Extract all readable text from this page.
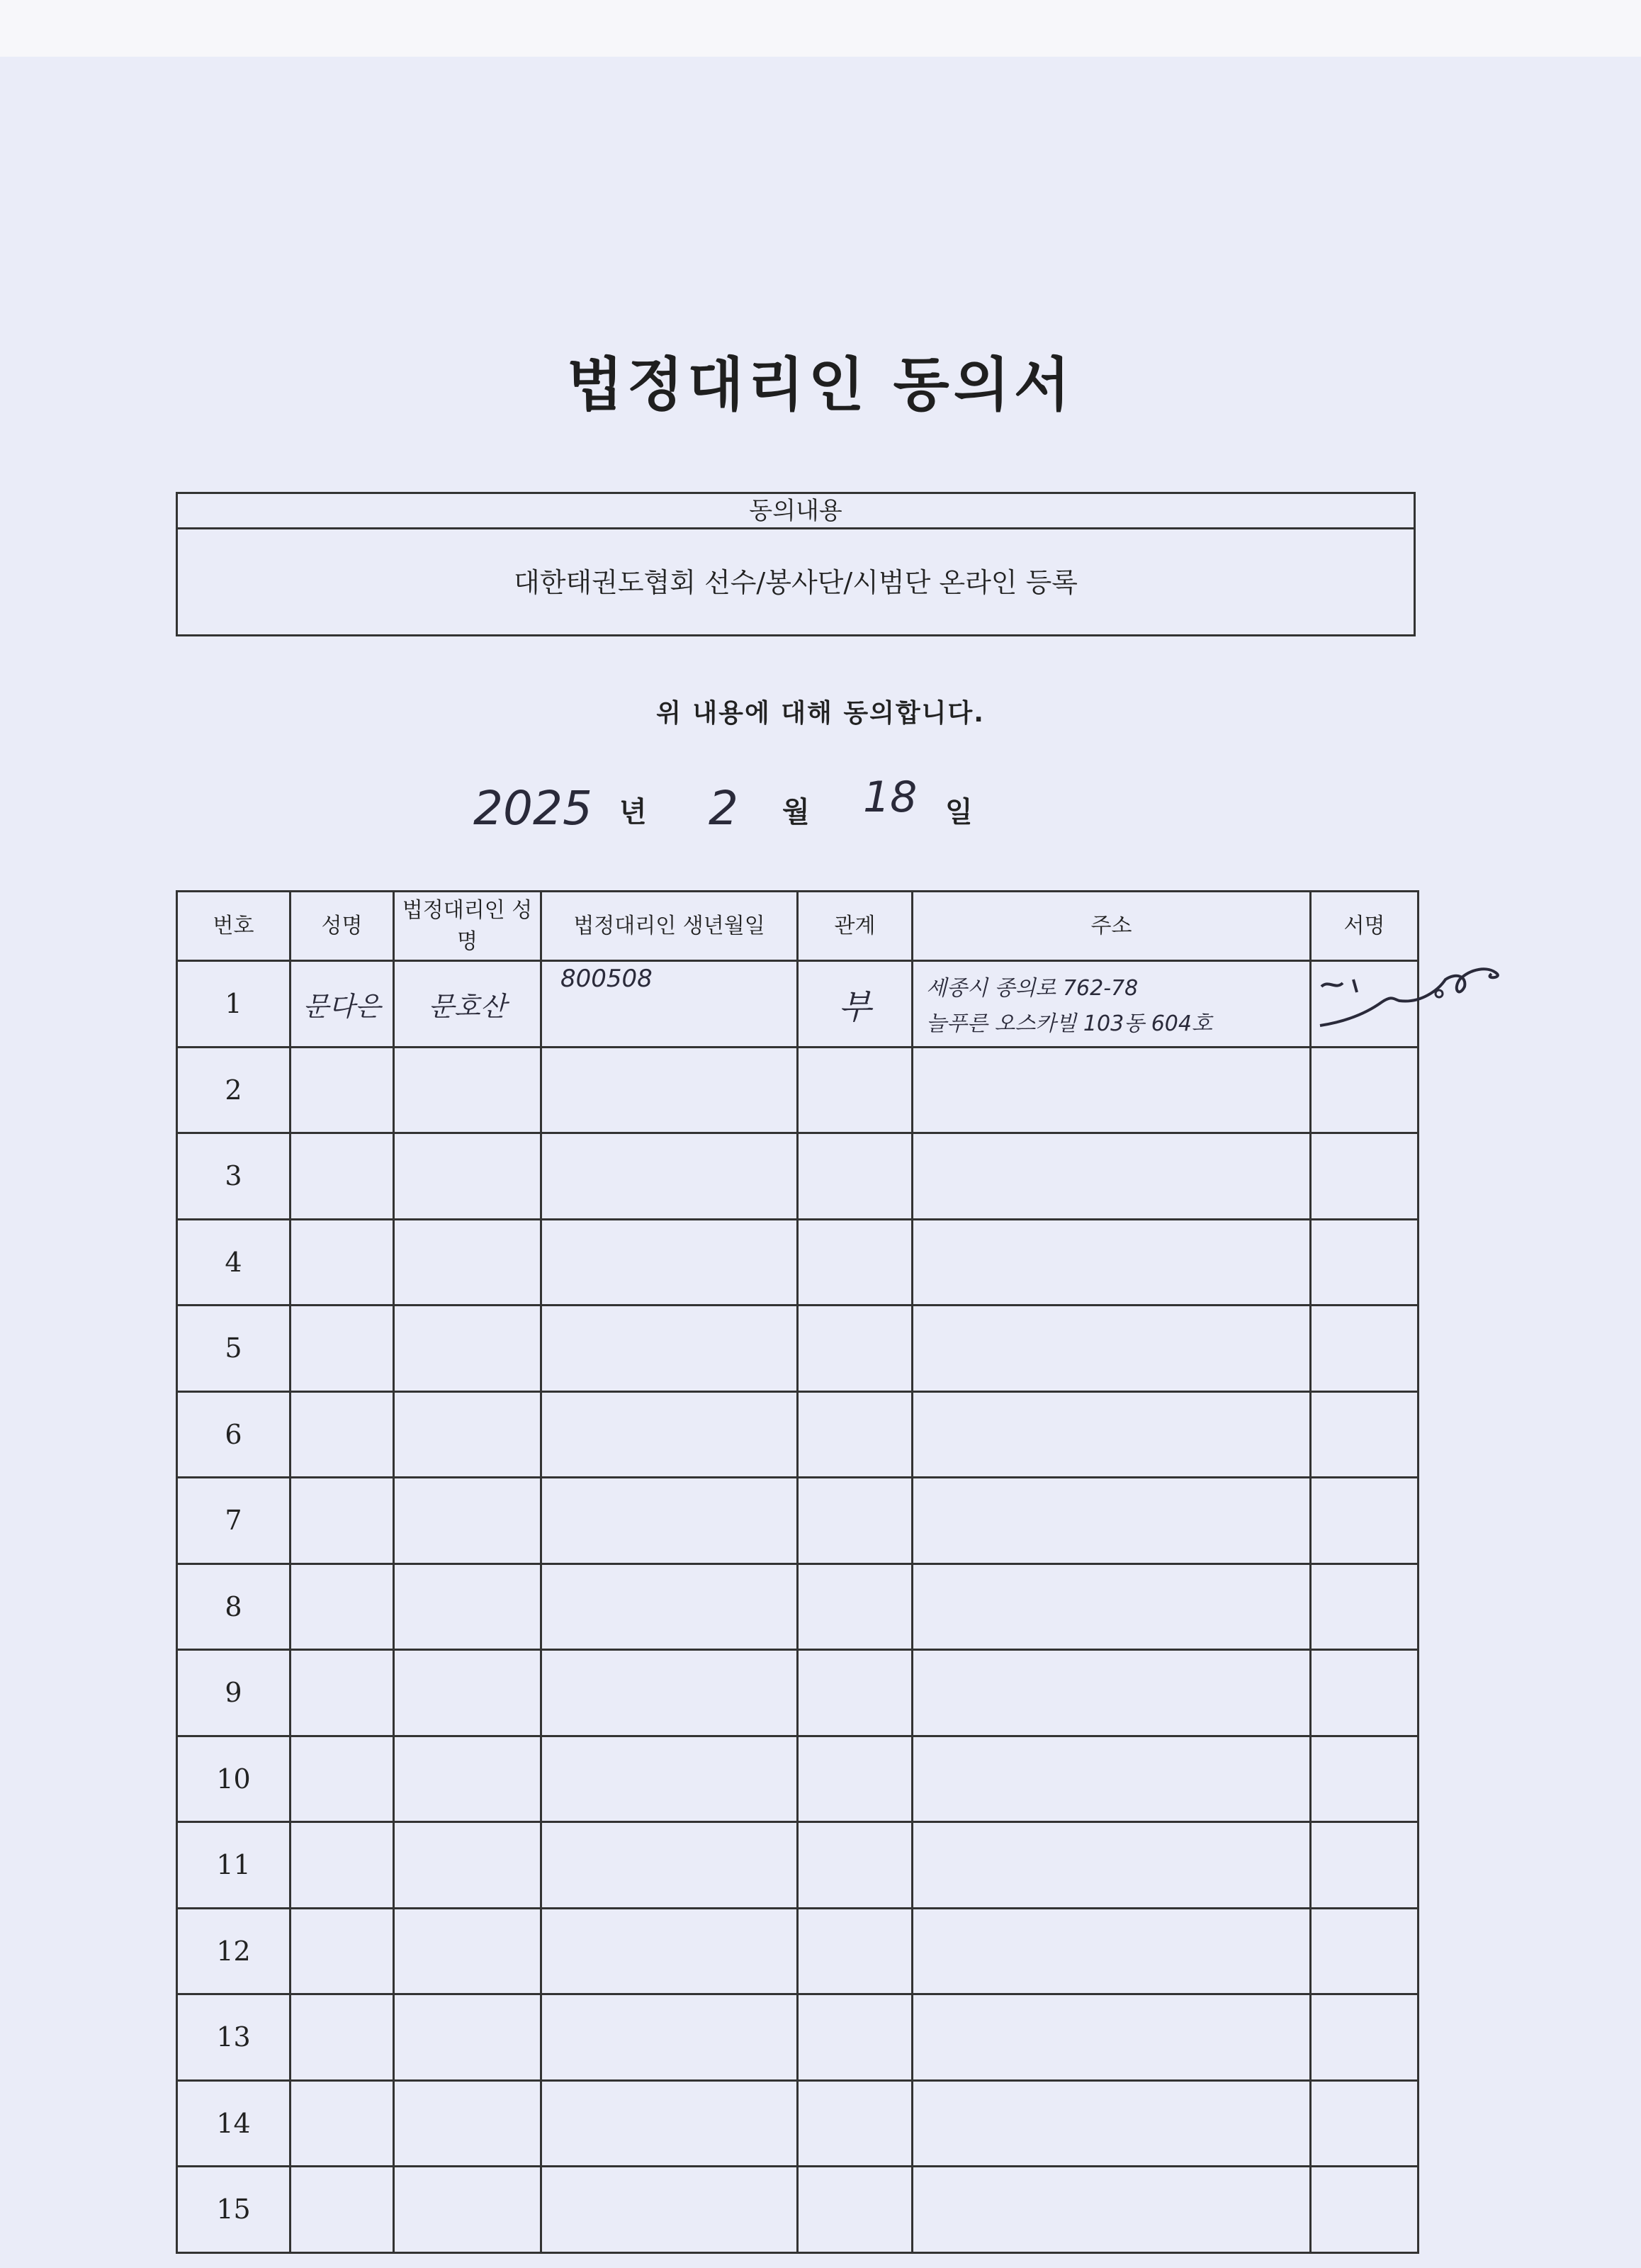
법정대리인 동의서
동의내용
대한태권도협회 선수/봉사단/시범단 온라인 등록
위 내용에 대해 동의합니다.
2025 년 2 월 18 일
번호	성명	법정대리인 성명	법정대리인 생년월일	관계	주소	서명
1	문다은	문호산	800508	부	세종시 종의로 762-78
늘푸른 오스카빌 103동 604호	

2						
3						
4						
5						
6						
7						
8						
9						
10						
11						
12						
13						
14						
15						
